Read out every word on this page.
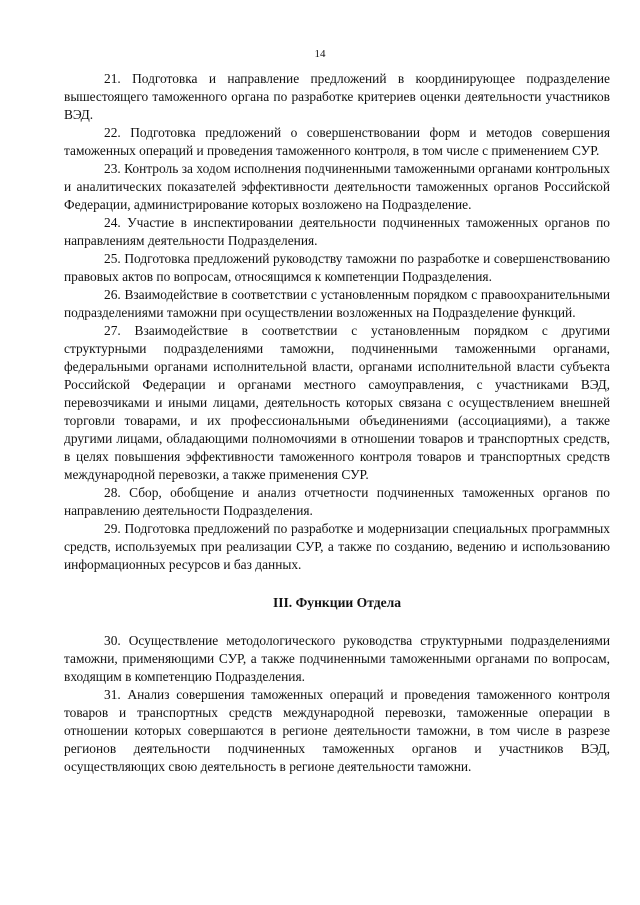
14

21. Подготовка и направление предложений в координирующее подразделение вышестоящего таможенного органа по разработке критериев оценки деятельности участников ВЭД.

22. Подготовка предложений о совершенствовании форм и методов совершения таможенных операций и проведения таможенного контроля, в том числе с применением СУР.

23. Контроль за ходом исполнения подчиненными таможенными органами контрольных и аналитических показателей эффективности деятельности таможенных органов Российской Федерации, администрирование которых возложено на Подразделение.

24. Участие в инспектировании деятельности подчиненных таможенных органов по направлениям деятельности Подразделения.

25. Подготовка предложений руководству таможни по разработке и совершенствованию правовых актов по вопросам, относящимся к компетенции Подразделения.

26. Взаимодействие в соответствии с установленным порядком с правоохранительными подразделениями таможни при осуществлении возложенных на Подразделение функций.

27. Взаимодействие в соответствии с установленным порядком с другими структурными подразделениями таможни, подчиненными таможенными органами, федеральными органами исполнительной власти, органами исполнительной власти субъекта Российской Федерации и органами местного самоуправления, с участниками ВЭД, перевозчиками и иными лицами, деятельность которых связана с осуществлением внешней торговли товарами, и их профессиональными объединениями (ассоциациями), а также другими лицами, обладающими полномочиями в отношении товаров и транспортных средств, в целях повышения эффективности таможенного контроля товаров и транспортных средств международной перевозки, а также применения СУР.

28. Сбор, обобщение и анализ отчетности подчиненных таможенных органов по направлению деятельности Подразделения.

29. Подготовка предложений по разработке и модернизации специальных программных средств, используемых при реализации СУР, а также по созданию, ведению и использованию информационных ресурсов и баз данных.

III. Функции Отдела

30. Осуществление методологического руководства структурными подразделениями таможни, применяющими СУР, а также подчиненными таможенными органами по вопросам, входящим в компетенцию Подразделения.

31. Анализ совершения таможенных операций и проведения таможенного контроля товаров и транспортных средств международной перевозки, таможенные операции в отношении которых совершаются в регионе деятельности таможни, в том числе в разрезе регионов деятельности подчиненных таможенных органов и участников ВЭД, осуществляющих свою деятельность в регионе деятельности таможни.
